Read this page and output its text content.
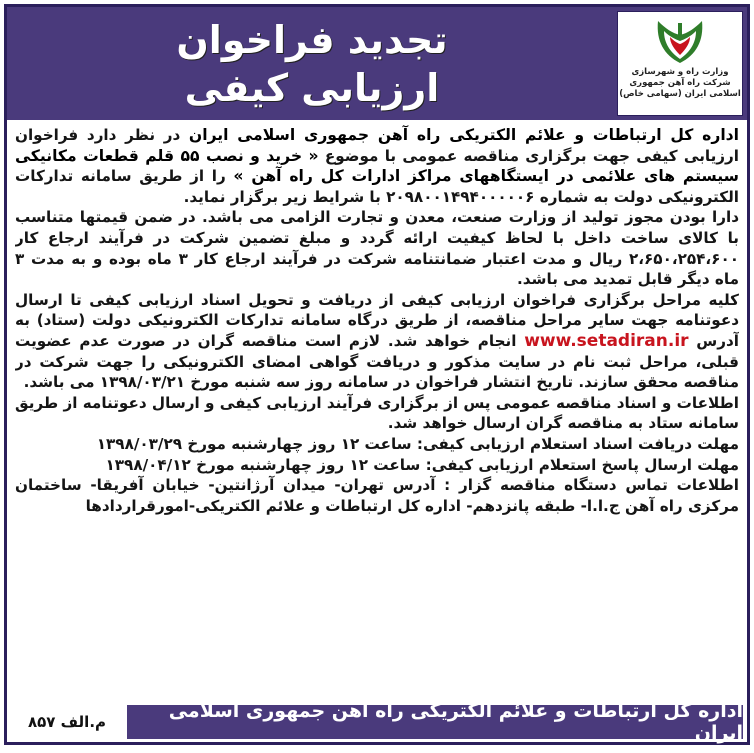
تجدید فراخوان
ارزیابی کیفی	وزارت راه و شهرسازی
شرکت راه آهن جمهوری
اسلامی ایران (سهامی خاص)

اداره کل ارتباطات و علائم الکتریکی راه آهن جمهوری اسلامی ایران در نظر دارد فراخوان ارزیابی کیفی جهت برگزاری مناقصه عمومی با موضوع « خرید و نصب ۵۵ قلم قطعات مکانیکی سیستم های علائمی در ایستگاههای مراکز ادارات کل راه آهن » را از طریق سامانه تدارکات الکترونیکی دولت به شماره ۲۰۹۸۰۰۱۴۹۴۰۰۰۰۰۶ با شرایط زیر برگزار نماید.

دارا بودن مجوز تولید از وزارت صنعت، معدن و تجارت الزامی می باشد. در ضمن قیمتها متناسب با کالای ساخت داخل با لحاظ کیفیت ارائه گردد و مبلغ تضمین شرکت در فرآیند ارجاع کار ۲،۶۵۰،۲۵۴،۶۰۰ ریال و مدت اعتبار ضمانتنامه شرکت در فرآیند ارجاع کار ۳ ماه بوده و به مدت ۳ ماه دیگر قابل تمدید می باشد.

کلیه مراحل برگزاری فراخوان ارزیابی کیفی از دریافت و تحویل اسناد ارزیابی کیفی تا ارسال دعوتنامه جهت سایر مراحل مناقصه، از طریق درگاه سامانه تدارکات الکترونیکی دولت (ستاد) به آدرس www.setadiran.ir انجام خواهد شد. لازم است مناقصه گران در صورت عدم عضویت قبلی، مراحل ثبت نام در سایت مذکور و دریافت گواهی امضای الکترونیکی را جهت شرکت در مناقصه محقق سازند. تاریخ انتشار فراخوان در سامانه روز سه شنبه مورخ ۱۳۹۸/۰۳/۲۱ می باشد.

اطلاعات و اسناد مناقصه عمومی پس از برگزاری فرآیند ارزیابی کیفی و ارسال دعوتنامه از طریق سامانه ستاد به مناقصه گران ارسال خواهد شد.

مهلت دریافت اسناد استعلام ارزیابی کیفی: ساعت ۱۲ روز چهارشنبه مورخ ۱۳۹۸/۰۳/۲۹

مهلت ارسال پاسخ استعلام ارزیابی کیفی: ساعت ۱۲ روز چهارشنبه مورخ ۱۳۹۸/۰۴/۱۲

اطلاعات تماس دستگاه مناقصه گزار : آدرس تهران- میدان آرژانتین- خیابان آفریقا- ساختمان مرکزی راه آهن ج.ا.ا- طبقه پانزدهم- اداره کل ارتباطات و علائم الکتریکی-امورقراردادها

م.الف ۸۵۷	اداره کل ارتباطات و علائم الکتریکی راه آهن جمهوری اسلامی ایران
